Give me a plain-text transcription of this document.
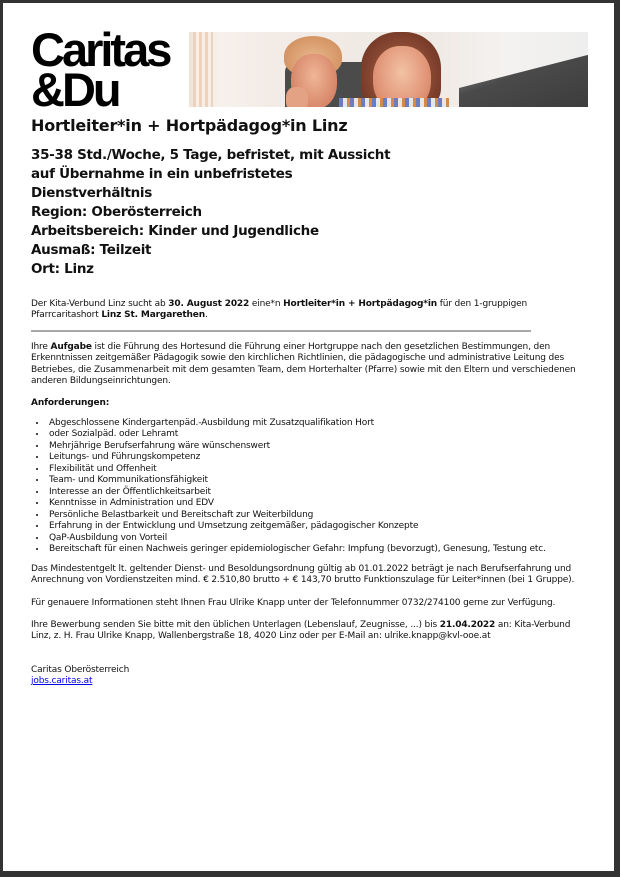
Caritas
&Du
Hortleiter*in + Hortpädagog*in Linz
35-38 Std./Woche, 5 Tage, befristet, mit Aussicht
auf Übernahme in ein unbefristetes
Dienstverhältnis
Region: Oberösterreich
Arbeitsbereich: Kinder und Jugendliche
Ausmaß: Teilzeit
Ort: Linz

Der Kita-Verbund Linz sucht ab 30. August 2022 eine*n Hortleiter*in + Hortpädagog*in für den 1-gruppigen Pfarrcaritashort Linz St. Margarethen.

Ihre Aufgabe ist die Führung des Hortesund die Führung einer Hortgruppe nach den gesetzlichen Bestimmungen, den Erkenntnissen zeitgemäßer Pädagogik sowie den kirchlichen Richtlinien, die pädagogische und administrative Leitung des Betriebes, die Zusammenarbeit mit dem gesamten Team, dem Horterhalter (Pfarre) sowie mit den Eltern und verschiedenen anderen Bildungseinrichtungen.

Anforderungen:

• Abgeschlossene Kindergartenpäd.-Ausbildung mit Zusatzqualifikation Hort
• oder Sozialpäd. oder Lehramt
• Mehrjährige Berufserfahrung wäre wünschenswert
• Leitungs- und Führungskompetenz
• Flexibilität und Offenheit
• Team- und Kommunikationsfähigkeit
• Interesse an der Öffentlichkeitsarbeit
• Kenntnisse in Administration und EDV
• Persönliche Belastbarkeit und Bereitschaft zur Weiterbildung
• Erfahrung in der Entwicklung und Umsetzung zeitgemäßer, pädagogischer Konzepte
• QaP-Ausbildung von Vorteil
• Bereitschaft für einen Nachweis geringer epidemiologischer Gefahr: Impfung (bevorzugt), Genesung, Testung etc.

Das Mindestentgelt lt. geltender Dienst- und Besoldungsordnung gültig ab 01.01.2022 beträgt je nach Berufserfahrung und Anrechnung von Vordienstzeiten mind. € 2.510,80 brutto + € 143,70 brutto Funktionszulage für Leiter*innen (bei 1 Gruppe).

Für genauere Informationen steht Ihnen Frau Ulrike Knapp unter der Telefonnummer 0732/274100 gerne zur Verfügung.

Ihre Bewerbung senden Sie bitte mit den üblichen Unterlagen (Lebenslauf, Zeugnisse, ...) bis 21.04.2022 an: Kita-Verbund Linz, z. H. Frau Ulrike Knapp, Wallenbergstraße 18, 4020 Linz oder per E-Mail an: ulrike.knapp@kvl-ooe.at

Caritas Oberösterreich

jobs.caritas.at
